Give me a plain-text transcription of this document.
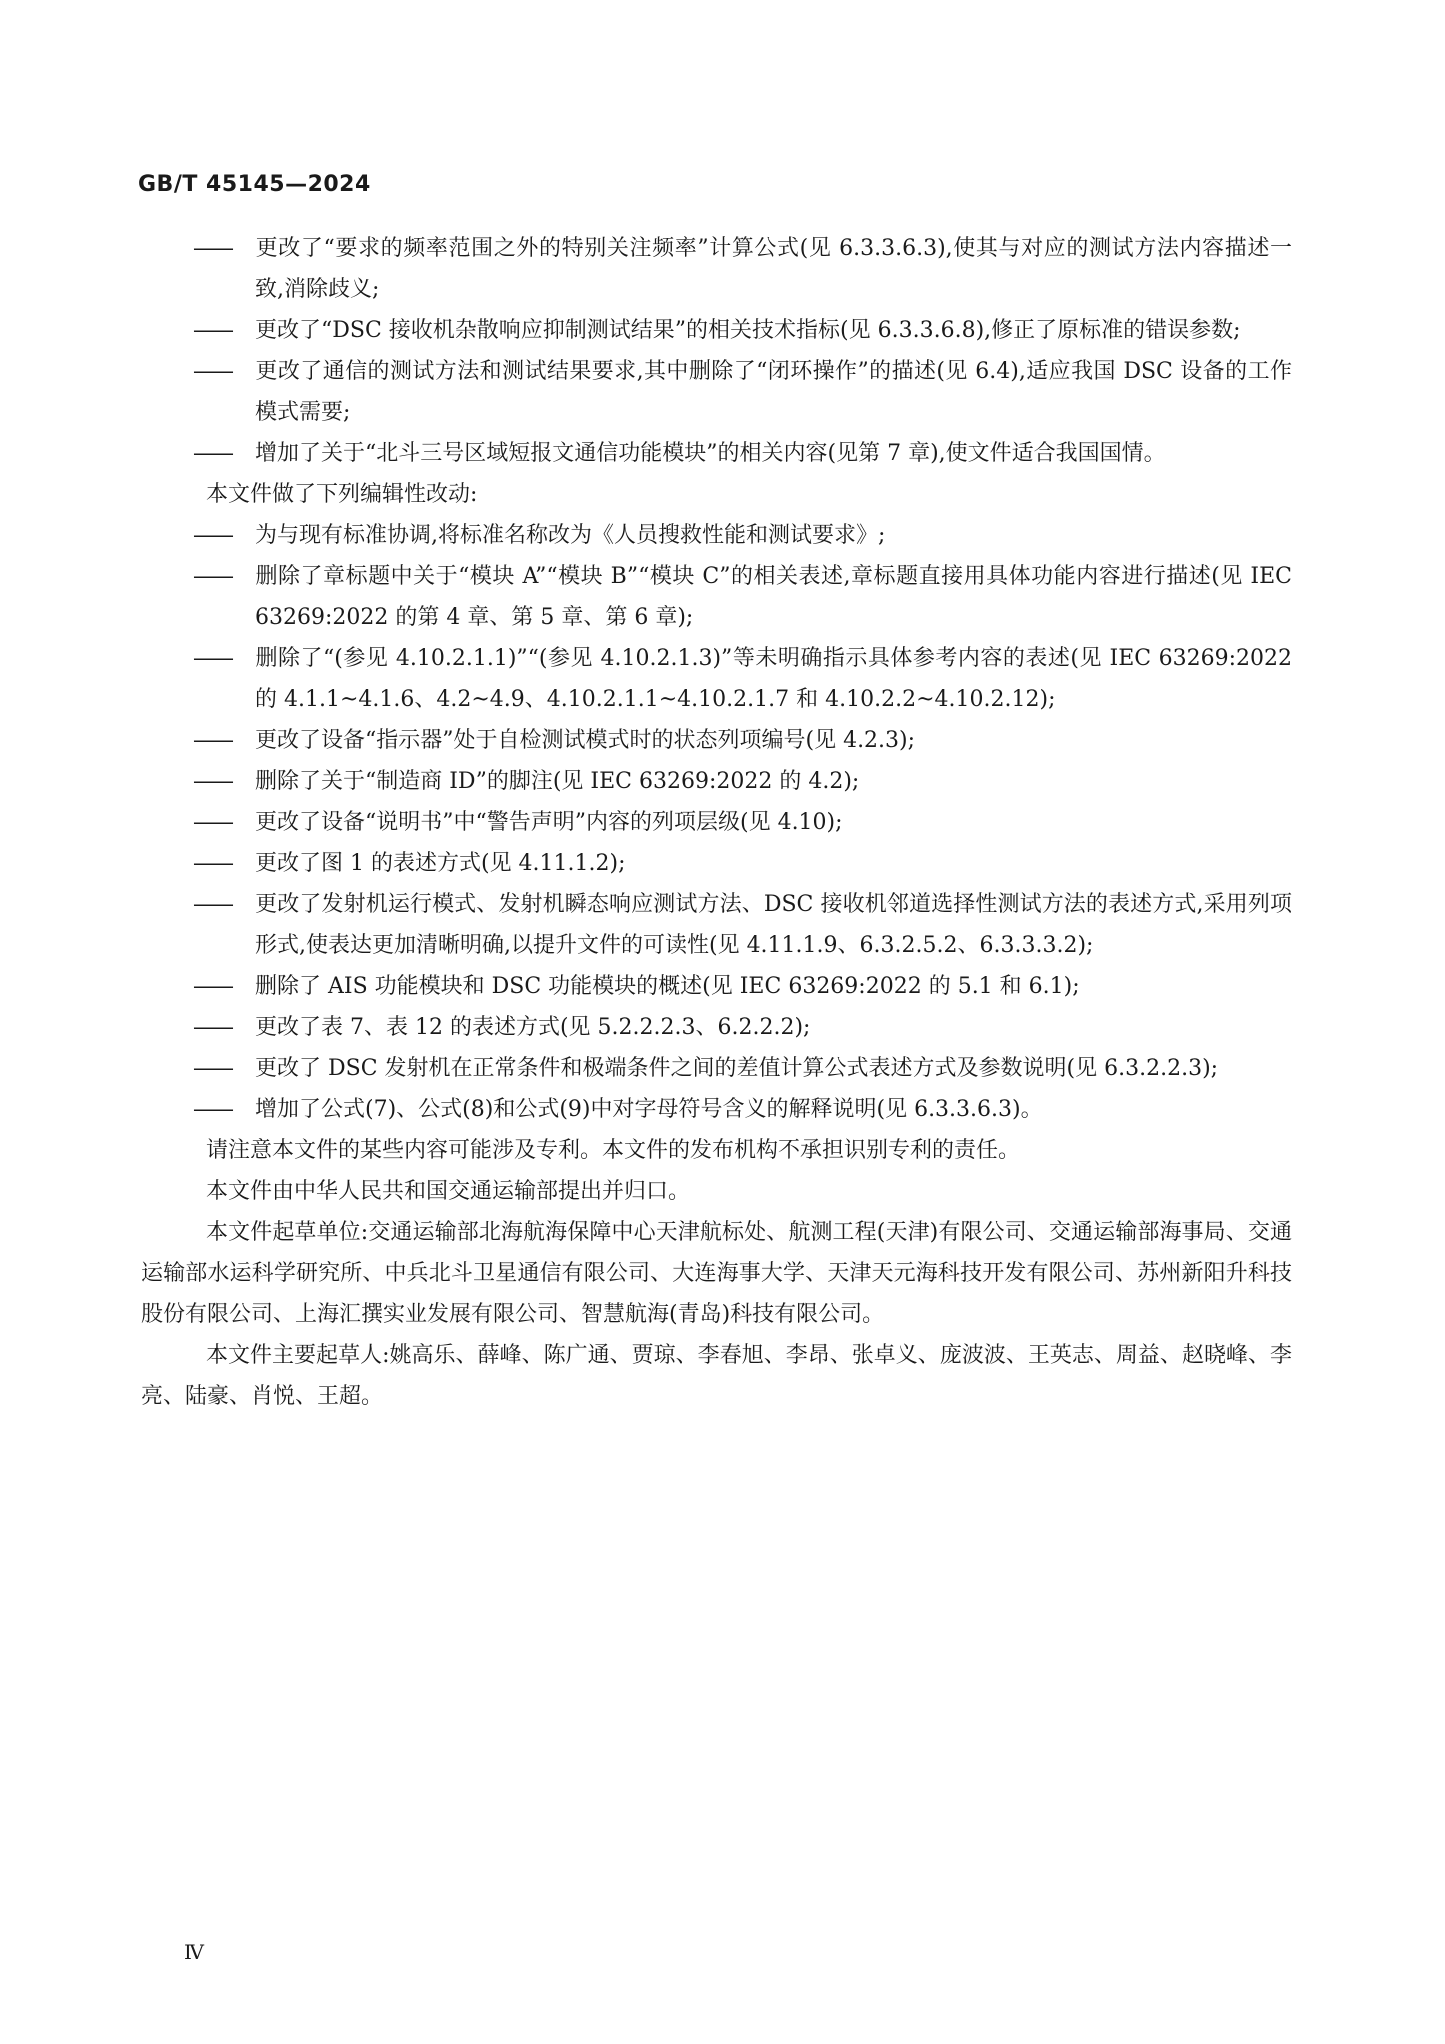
GB/T 45145—2024
—— 更改了“要求的频率范围之外的特别关注频率”计算公式(见 6.3.3.6.3),使其与对应的测试方法内容描述一致,消除歧义;
—— 更改了“DSC 接收机杂散响应抑制测试结果”的相关技术指标(见 6.3.3.6.8),修正了原标准的错误参数;
—— 更改了通信的测试方法和测试结果要求,其中删除了“闭环操作”的描述(见 6.4),适应我国 DSC 设备的工作模式需要;
—— 增加了关于“北斗三号区域短报文通信功能模块”的相关内容(见第 7 章),使文件适合我国国情。
本文件做了下列编辑性改动:
—— 为与现有标准协调,将标准名称改为《人员搜救性能和测试要求》;
—— 删除了章标题中关于“模块 A”“模块 B”“模块 C”的相关表述,章标题直接用具体功能内容进行描述(见 IEC 63269:2022 的第 4 章、第 5 章、第 6 章);
—— 删除了“(参见 4.10.2.1.1)”“(参见 4.10.2.1.3)”等未明确指示具体参考内容的表述(见 IEC 63269:2022 的 4.1.1~4.1.6、4.2~4.9、4.10.2.1.1~4.10.2.1.7 和 4.10.2.2~4.10.2.12);
—— 更改了设备“指示器”处于自检测试模式时的状态列项编号(见 4.2.3);
—— 删除了关于“制造商 ID”的脚注(见 IEC 63269:2022 的 4.2);
—— 更改了设备“说明书”中“警告声明”内容的列项层级(见 4.10);
—— 更改了图 1 的表述方式(见 4.11.1.2);
—— 更改了发射机运行模式、发射机瞬态响应测试方法、DSC 接收机邻道选择性测试方法的表述方式,采用列项形式,使表达更加清晰明确,以提升文件的可读性(见 4.11.1.9、6.3.2.5.2、6.3.3.3.2);
—— 删除了 AIS 功能模块和 DSC 功能模块的概述(见 IEC 63269:2022 的 5.1 和 6.1);
—— 更改了表 7、表 12 的表述方式(见 5.2.2.2.3、6.2.2.2);
—— 更改了 DSC 发射机在正常条件和极端条件之间的差值计算公式表述方式及参数说明(见 6.3.2.2.3);
—— 增加了公式(7)、公式(8)和公式(9)中对字母符号含义的解释说明(见 6.3.3.6.3)。
请注意本文件的某些内容可能涉及专利。本文件的发布机构不承担识别专利的责任。
本文件由中华人民共和国交通运输部提出并归口。
本文件起草单位:交通运输部北海航海保障中心天津航标处、航测工程(天津)有限公司、交通运输部海事局、交通运输部水运科学研究所、中兵北斗卫星通信有限公司、大连海事大学、天津天元海科技开发有限公司、苏州新阳升科技股份有限公司、上海汇撰实业发展有限公司、智慧航海(青岛)科技有限公司。
本文件主要起草人:姚高乐、薛峰、陈广通、贾琼、李春旭、李昂、张卓义、庞波波、王英志、周益、赵晓峰、李亮、陆豪、肖悦、王超。
Ⅳ
